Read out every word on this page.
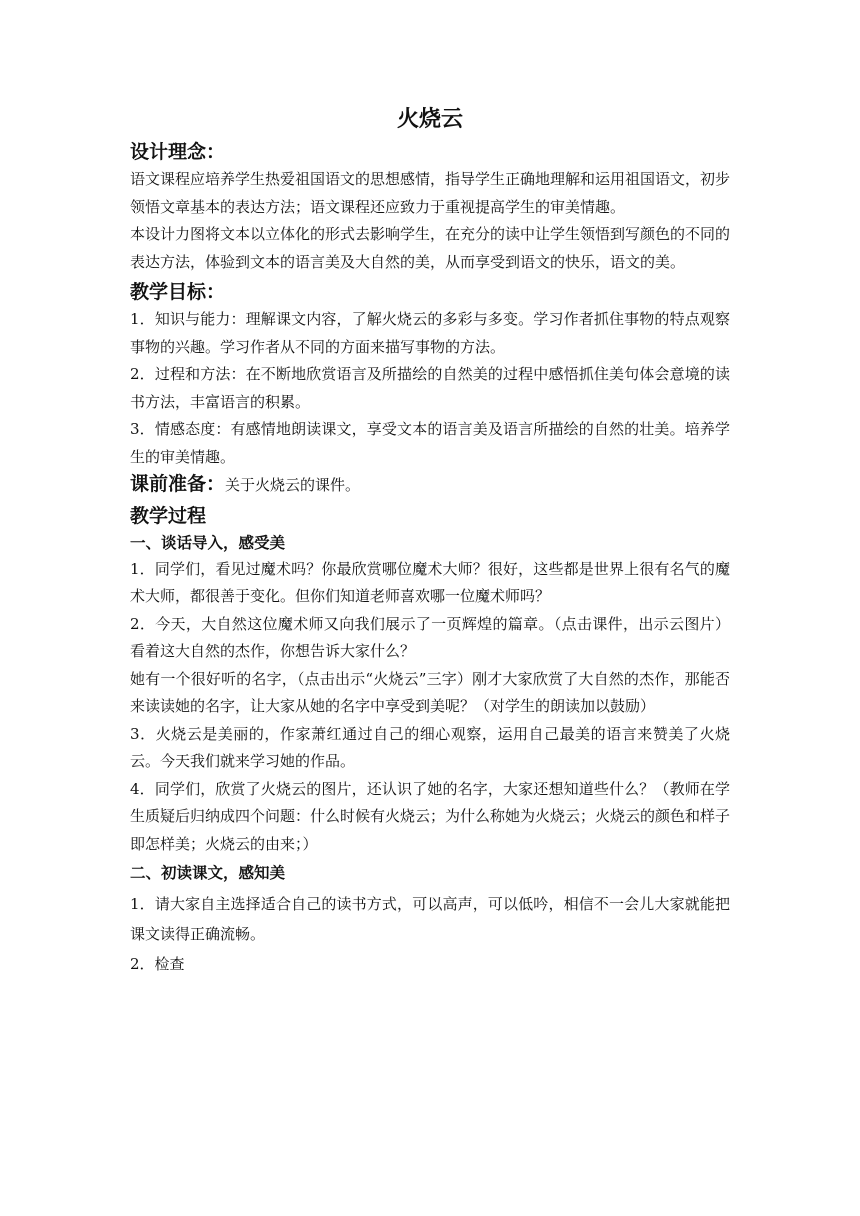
火烧云
设计理念：

语文课程应培养学生热爱祖国语文的思想感情，指导学生正确地理解和运用祖国语文，初步领悟文章基本的表达方法；语文课程还应致力于重视提高学生的审美情趣。

本设计力图将文本以立体化的形式去影响学生，在充分的读中让学生领悟到写颜色的不同的表达方法，体验到文本的语言美及大自然的美，从而享受到语文的快乐，语文的美。

教学目标：

1．知识与能力：理解课文内容，了解火烧云的多彩与多变。学习作者抓住事物的特点观察事物的兴趣。学习作者从不同的方面来描写事物的方法。

2．过程和方法：在不断地欣赏语言及所描绘的自然美的过程中感悟抓住美句体会意境的读书方法，丰富语言的积累。

3．情感态度：有感情地朗读课文，享受文本的语言美及语言所描绘的自然的壮美。培养学生的审美情趣。

课前准备：关于火烧云的课件。

教学过程
一、谈话导入，感受美

1．同学们，看见过魔术吗？你最欣赏哪位魔术大师？很好，这些都是世界上很有名气的魔术大师，都很善于变化。但你们知道老师喜欢哪一位魔术师吗？

2．今天，大自然这位魔术师又向我们展示了一页辉煌的篇章。（点击课件，出示云图片）看着这大自然的杰作，你想告诉大家什么？

她有一个很好听的名字，（点击出示“火烧云”三字）刚才大家欣赏了大自然的杰作，那能否来读读她的名字，让大家从她的名字中享受到美呢？（对学生的朗读加以鼓励）

3．火烧云是美丽的，作家萧红通过自己的细心观察，运用自己最美的语言来赞美了火烧云。今天我们就来学习她的作品。

4．同学们，欣赏了火烧云的图片，还认识了她的名字，大家还想知道些什么？（教师在学生质疑后归纳成四个问题：什么时候有火烧云；为什么称她为火烧云；火烧云的颜色和样子即怎样美；火烧云的由来；）

二、初读课文，感知美

1．请大家自主选择适合自己的读书方式，可以高声，可以低吟，相信不一会儿大家就能把课文读得正确流畅。

2．检查
